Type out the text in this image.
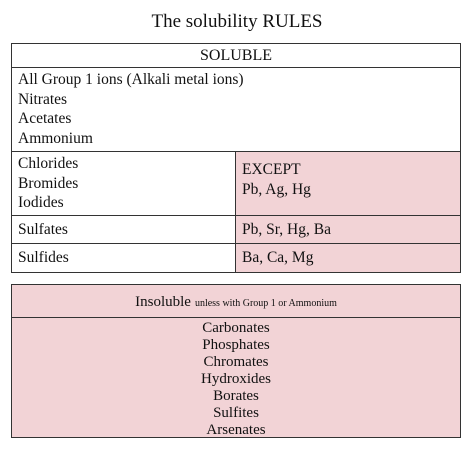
The solubility RULES
SOLUBLE
All Group 1 ions (Alkali metal ions)
Nitrates
Acetates
Ammonium
Chlorides
Bromides
Iodides
EXCEPT
Pb, Ag, Hg
Sulfates	Pb, Sr, Hg, Ba
Sulfides	Ba, Ca, Mg
Insoluble unless with Group 1 or Ammonium
Carbonates
Phosphates
Chromates
Hydroxides
Borates
Sulfites
Arsenates
